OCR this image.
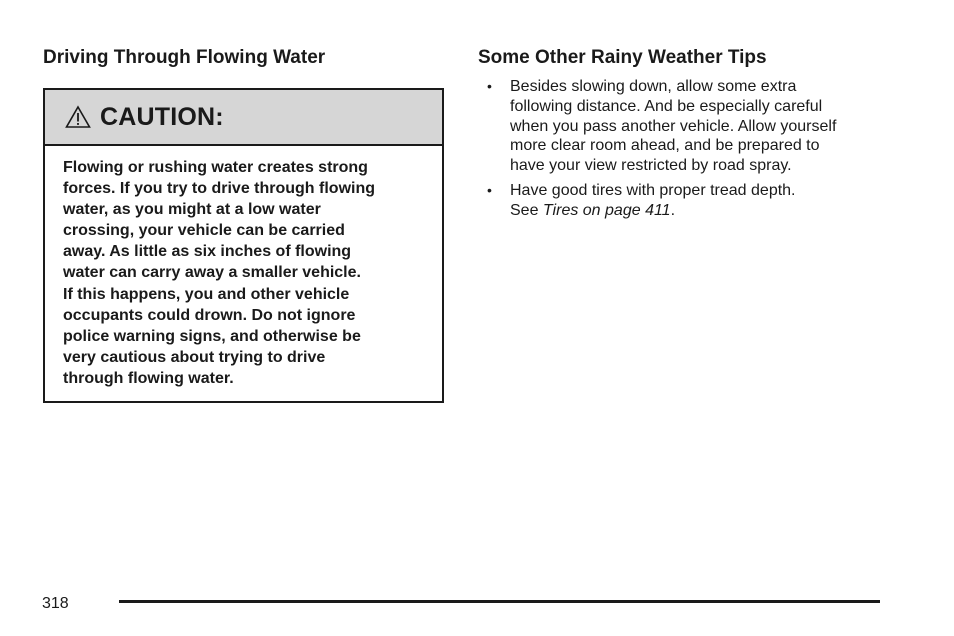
Driving Through Flowing Water
CAUTION:
Flowing or rushing water creates strong
forces. If you try to drive through flowing
water, as you might at a low water
crossing, your vehicle can be carried
away. As little as six inches of flowing
water can carry away a smaller vehicle.
If this happens, you and other vehicle
occupants could drown. Do not ignore
police warning signs, and otherwise be
very cautious about trying to drive
through flowing water.
Some Other Rainy Weather Tips
• Besides slowing down, allow some extra
following distance. And be especially careful
when you pass another vehicle. Allow yourself
more clear room ahead, and be prepared to
have your view restricted by road spray.
• Have good tires with proper tread depth.
See Tires on page 411.
318
